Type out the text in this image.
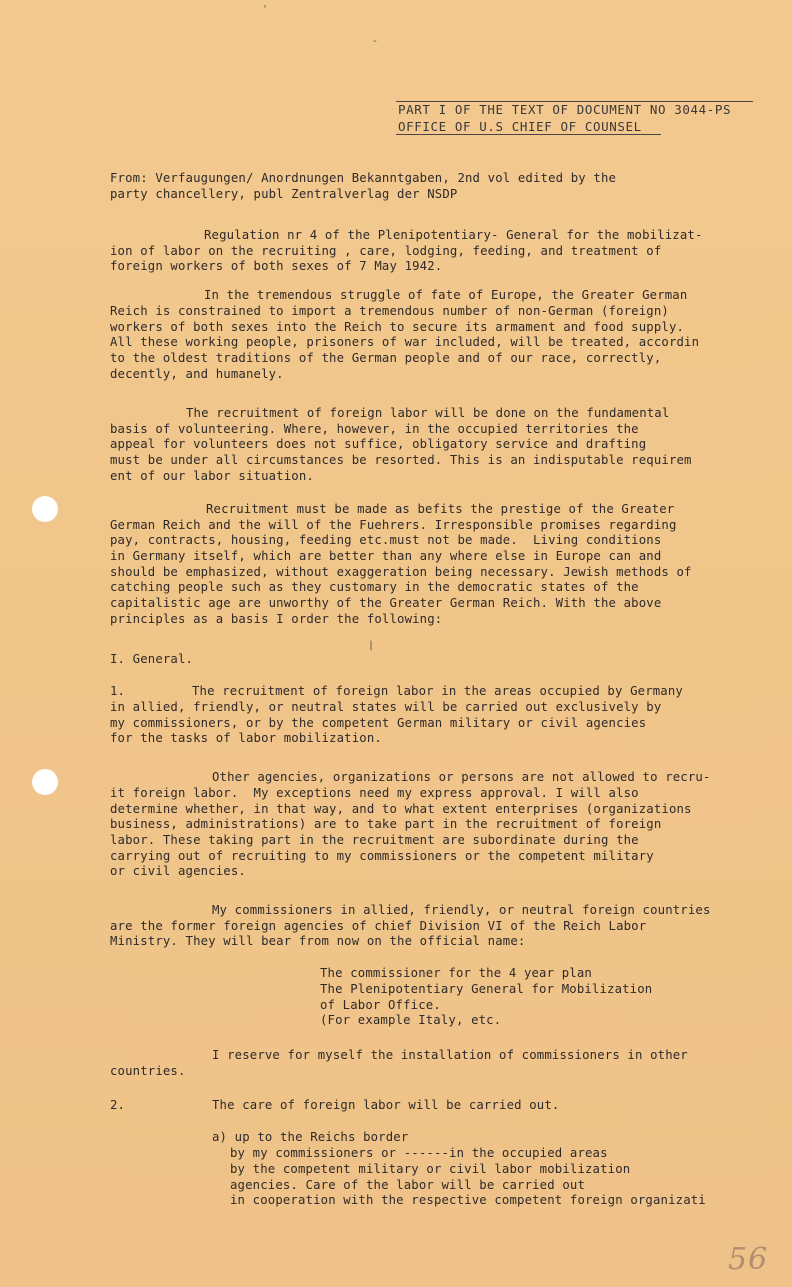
'
-
|
PART I OF THE TEXT OF DOCUMENT NO 3044-PS
OFFICE OF U.S CHIEF OF COUNSEL
From: Verfaugungen/ Anordnungen Bekanntgaben, 2nd vol edited by the
party chancellery, publ Zentralverlag der NSDP
Regulation nr 4 of the Plenipotentiary- General for the mobilizat-
ion of labor on the recruiting , care, lodging, feeding, and treatment of
foreign workers of both sexes of 7 May 1942.
In the tremendous struggle of fate of Europe, the Greater German
Reich is constrained to import a tremendous number of non-German (foreign)
workers of both sexes into the Reich to secure its armament and food supply.
All these working people, prisoners of war included, will be treated, accordin
to the oldest traditions of the German people and of our race, correctly,
decently, and humanely.
The recruitment of foreign labor will be done on the fundamental
basis of volunteering. Where, however, in the occupied territories the
appeal for volunteers does not suffice, obligatory service and drafting
must be under all circumstances be resorted. This is an indisputable requirem
ent of our labor situation.
Recruitment must be made as befits the prestige of the Greater
German Reich and the will of the Fuehrers. Irresponsible promises regarding
pay, contracts, housing, feeding etc.must not be made.  Living conditions
in Germany itself, which are better than any where else in Europe can and
should be emphasized, without exaggeration being necessary. Jewish methods of
catching people such as they customary in the democratic states of the
capitalistic age are unworthy of the Greater German Reich. With the above
principles as a basis I order the following:
I. General.
1.	The recruitment of foreign labor in the areas occupied by Germany
in allied, friendly, or neutral states will be carried out exclusively by
my commissioners, or by the competent German military or civil agencies
for the tasks of labor mobilization.
Other agencies, organizations or persons are not allowed to recru-
it foreign labor.  My exceptions need my express approval. I will also
determine whether, in that way, and to what extent enterprises (organizations
business, administrations) are to take part in the recruitment of foreign
labor. These taking part in the recruitment are subordinate during the
carrying out of recruiting to my commissioners or the competent military
or civil agencies.
My commissioners in allied, friendly, or neutral foreign countries
are the former foreign agencies of chief Division VI of the Reich Labor
Ministry. They will bear from now on the official name:
The commissioner for the 4 year plan
The Plenipotentiary General for Mobilization
of Labor Office.
(For example Italy, etc.
I reserve for myself the installation of commissioners in other
countries.
2.	The care of foreign labor will be carried out.
a) up to the Reichs border
by my commissioners or ------in the occupied areas
by the competent military or civil labor mobilization
agencies. Care of the labor will be carried out
in cooperation with the respective competent foreign organizati
56
